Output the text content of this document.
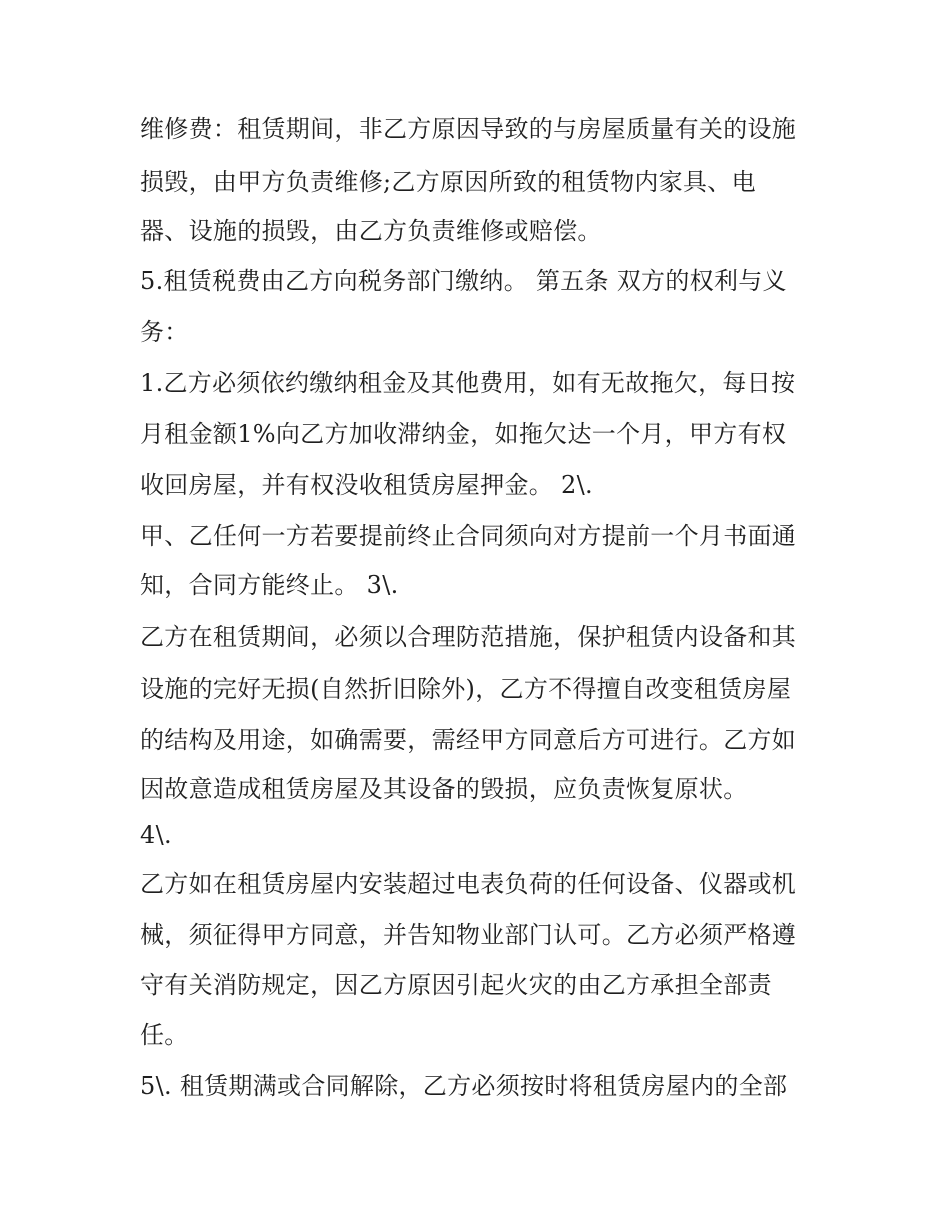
维修费：租赁期间，非乙方原因导致的与房屋质量有关的设施
损毁，由甲方负责维修;乙方原因所致的租赁物内家具、电
器、设施的损毁，由乙方负责维修或赔偿。
5.租赁税费由乙方向税务部门缴纳。 第五条 双方的权利与义
务：
1.乙方必须依约缴纳租金及其他费用，如有无故拖欠，每日按
月租金额1%向乙方加收滞纳金，如拖欠达一个月，甲方有权
收回房屋，并有权没收租赁房屋押金。 2\.
甲、乙任何一方若要提前终止合同须向对方提前一个月书面通
知，合同方能终止。 3\.
乙方在租赁期间，必须以合理防范措施，保护租赁内设备和其
设施的完好无损(自然折旧除外)，乙方不得擅自改变租赁房屋
的结构及用途，如确需要，需经甲方同意后方可进行。乙方如
因故意造成租赁房屋及其设备的毁损，应负责恢复原状。
4\.
乙方如在租赁房屋内安装超过电表负荷的任何设备、仪器或机
械，须征得甲方同意，并告知物业部门认可。乙方必须严格遵
守有关消防规定，因乙方原因引起火灾的由乙方承担全部责
任。
5\. 租赁期满或合同解除，乙方必须按时将租赁房屋内的全部
